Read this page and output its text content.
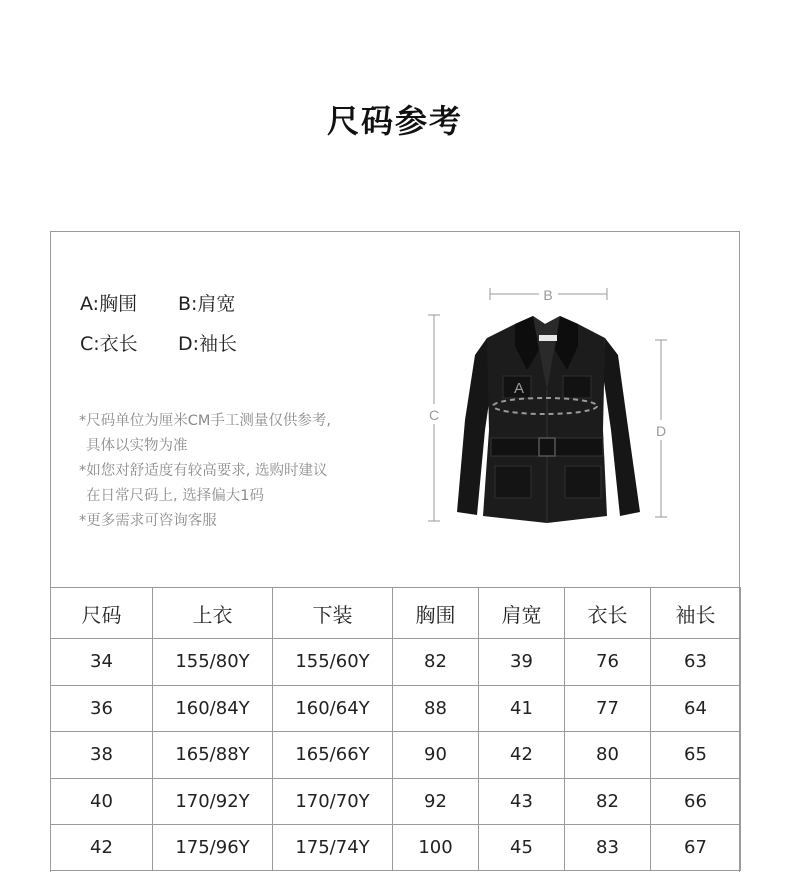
尺码参考
A:胸围	B:肩宽
C:衣长	D:袖长
*尺码单位为厘米CM手工测量仅供参考,
具体以实物为准
*如您对舒适度有较高要求, 选购时建议
在日常尺码上, 选择偏大1码
*更多需求可咨询客服
B
C
D
A
尺码	上衣	下装	胸围	肩宽	衣长	袖长
34	155/80Y	155/60Y	82	39	76	63
36	160/84Y	160/64Y	88	41	77	64
38	165/88Y	165/66Y	90	42	80	65
40	170/92Y	170/70Y	92	43	82	66
42	175/96Y	175/74Y	100	45	83	67
